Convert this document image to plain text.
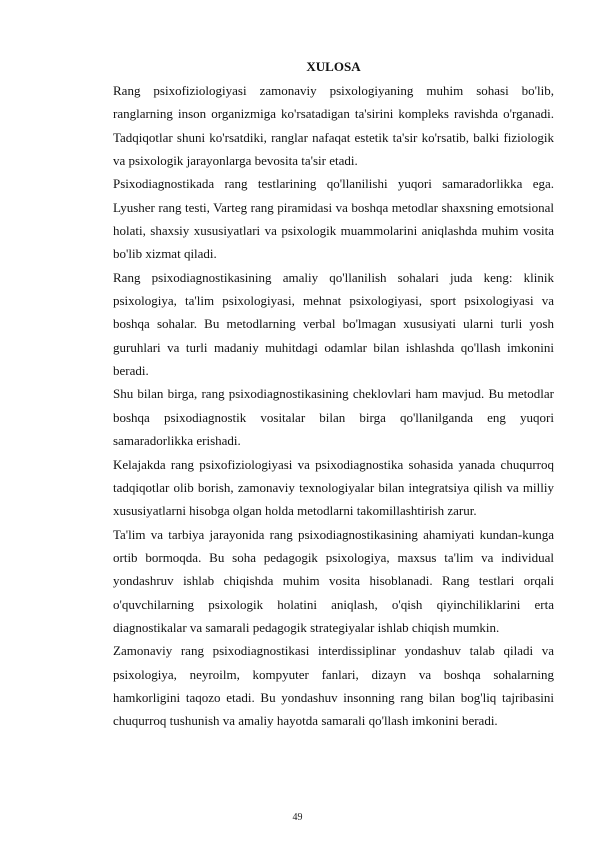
XULOSA

Rang psixofiziologiyasi zamonaviy psixologiyaning muhim sohasi bo'lib, ranglarning inson organizmiga ko'rsatadigan ta'sirini kompleks ravishda o'rganadi. Tadqiqotlar shuni ko'rsatdiki, ranglar nafaqat estetik ta'sir ko'rsatib, balki fiziologik va psixologik jarayonlarga bevosita ta'sir etadi.

Psixodiagnostikada rang testlarining qo'llanilishi yuqori samaradorlikka ega. Lyusher rang testi, Varteg rang piramidasi va boshqa metodlar shaxsning emotsional holati, shaxsiy xususiyatlari va psixologik muammolarini aniqlashda muhim vosita bo'lib xizmat qiladi.

Rang psixodiagnostikasining amaliy qo'llanilish sohalari juda keng: klinik psixologiya, ta'lim psixologiyasi, mehnat psixologiyasi, sport psixologiyasi va boshqa sohalar. Bu metodlarning verbal bo'lmagan xususiyati ularni turli yosh guruhlari va turli madaniy muhitdagi odamlar bilan ishlashda qo'llash imkonini beradi.

Shu bilan birga, rang psixodiagnostikasining cheklovlari ham mavjud. Bu metodlar boshqa psixodiagnostik vositalar bilan birga qo'llanilganda eng yuqori samaradorlikka erishadi.

Kelajakda rang psixofiziologiyasi va psixodiagnostika sohasida yanada chuqurroq tadqiqotlar olib borish, zamonaviy texnologiyalar bilan integratsiya qilish va milliy xususiyatlarni hisobga olgan holda metodlarni takomillashtirish zarur.

Ta'lim va tarbiya jarayonida rang psixodiagnostikasining ahamiyati kundan-kunga ortib bormoqda. Bu soha pedagogik psixologiya, maxsus ta'lim va individual yondashruv ishlab chiqishda muhim vosita hisoblanadi. Rang testlari orqali o'quvchilarning psixologik holatini aniqlash, o'qish qiyinchiliklarini erta diagnostikalar va samarali pedagogik strategiyalar ishlab chiqish mumkin.

Zamonaviy rang psixodiagnostikasi interdissiplinar yondashuv talab qiladi va psixologiya, neyroilm, kompyuter fanlari, dizayn va boshqa sohalarning hamkorligini taqozo etadi. Bu yondashuv insonning rang bilan bog'liq tajribasini chuqurroq tushunish va amaliy hayotda samarali qo'llash imkonini beradi.

49
